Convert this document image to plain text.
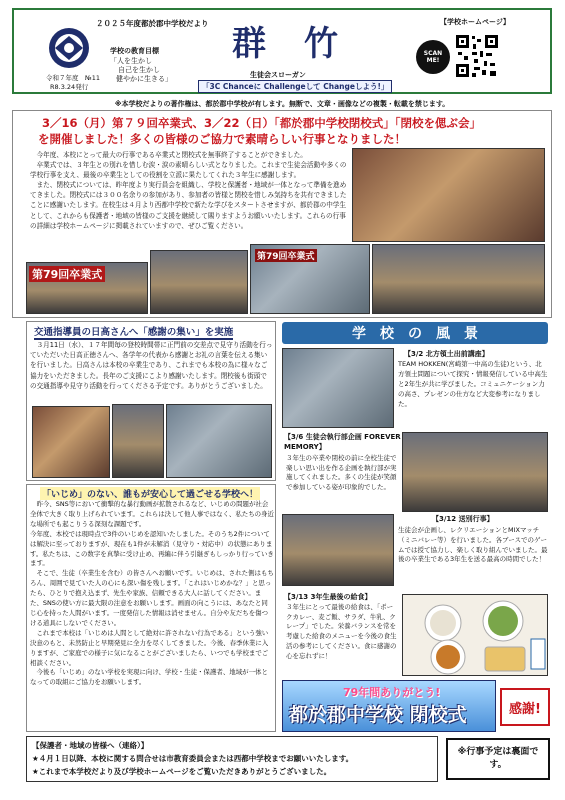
２０２５年度都於郡中学校だより
学校の教育目標
「人を生かし
自己を生かし
健やかに生きる」
令和７年度　№11
R8.3.24発行
群　竹
生徒会スローガン
「3C Chanceに Challengeして Changeしよう!」
【学校ホームページ】
SCAN ME!
※本学校だよりの著作権は、都於郡中学校が有します。無断で、文章・画像などの複製・転載を禁じます。
3／16（月）第７９回卒業式、3／22（日）「都於郡中学校閉校式」「閉校を偲ぶ会」
を開催しました！多くの皆様のご協力で素晴らしい行事となりました！
　今年度、本校にとって最大の行事である卒業式と閉校式を無事終了することができました。
　卒業式では、３年生との別れを惜しむ涙・涙の素晴らしい式となりました。これまで生徒会活動や多くの学校行事を支え、最後の卒業生としての役割を立派に果たしてくれた３年生に感謝します。
　また、閉校式については、昨年度より実行員会を組織し、学校と保護者・地域が一体となって準備を進めてきました。閉校式には３００名余りの参加があり、参加者の皆様と閉校を惜しみ気持ちを共有できましたことに感謝いたします。在校生は４月より西都中学校で新たな学びをスタートさせますが、都於郡の中学生として、これからも保護者・地域の皆様のご支援を継続して賜りますようお願いいたします。これらの行事の詳細は学校ホームページに掲載されていますので、ぜひご覧ください。
第79回卒業式
第79回卒業式
交通指導員の日高さんへ「感謝の集い」を実施
　３月11日（水）、１７年間毎の登校時間帯に正門前の交差点で見守り活動を行っていただいた日高正徳さんへ、各学年の代表から感謝とお礼の言葉を伝える集いを行いました。日高さんは本校の卒業生であり、これまでも本校の為に様々なご協力をいただきました。長年のご支援にこより感謝いたします。閉校後も街頭での交通指導や見守り活動を行ってくださる予定です。ありがとうございました。
「いじめ」のない、誰もが安心して過ごせる学校へ！
　昨今、SNS等において衝撃的な暴行動画が拡散されるなど、いじめの問題が社会全体で大きく取り上げられています。これらは決して他人事ではなく、私たちの身近な場所でも起こりうる深刻な課題です。
今年度、本校では現時点で3件のいじめを認知いたしました。そのうち2件については解決に至っておりますが、現在も1件が未解消（見守り・対応中）の状態にあります。私たちは、この数字を真摯に受け止め、再編に伴う引継ぎもしっかり行っていきます。
　そこで、生徒（卒業生を含む）の皆さんへお願いです。いじめは、された側はもちろん、周囲で見ていた人の心にも深い傷を残します。「これはいじめかな？」と思ったら、ひとりで抱え込まず、先生や家族、信頼できる大人に話してください。また、SNSの使い方に最大限の注意をお願いします。画面の向こうには、あなたと同じ心を持った人間がいます。一度発信した情報は消せません。自分や友だちを傷つける道具にしないでください。
　これまで本校は「いじめは人間として絶対に許されない行為である」という強い決意のもと、未然防止と早期発見に全力を尽くしてきました。今後、春季休業に入りますが、ご家庭での様子に気になることがございましたら、いつでも学校までご相談ください。
　今後も「いじめ」のない学校を実現に向け、学校・生徒・保護者、地域が一体となっての取組にご協力をお願いします。
学　校　の　風　景
【3/2 北方領土出前講座】
TEAM HOKKEN(宮崎第一中高の生徒)という、北方領土問題について探究・情報発信している中高生と2年生が共に学びました。コミュニケーション力の高さ、プレゼンの仕方など大変参考になりました。
【3/6 生徒会執行部企画 FOREVER MEMORY】
３年生の卒業や閉校の前に全校生徒で楽しい思い出を作る企画を執行部が実施してくれました。多くの生徒が笑顔で参加している姿が印象的でした。
【3/12 送別行事】
生徒会が企画し、レクリエーションとMIXマッチ（ミニバレー等）を行いました。各ブースでのゲームでは授て協力し、楽しく取り組んでいました。最後の卒業生である3年生を送る最高の時間でした！
【3/13 3年生最後の給食】
３年生にとって最後の給食は、「ポークカレー、麦ご飯、サラダ、牛乳、クレープ」でした。栄養バランスを常を考慮した給食のメニューを今後の食生活の参考にしてください。食に感謝の心を忘れずに！
79年間ありがとう!
都於郡中学校 閉校式	感謝!
【保護者・地域の皆様へ（連絡）】
★４月１日以降、本校に関する問合せは市教育委員会または西都中学校までお願いいたします。
★これまで本学校だより及び学校ホームページをご覧いただきありがとうございました。
※行事予定は裏面です。
